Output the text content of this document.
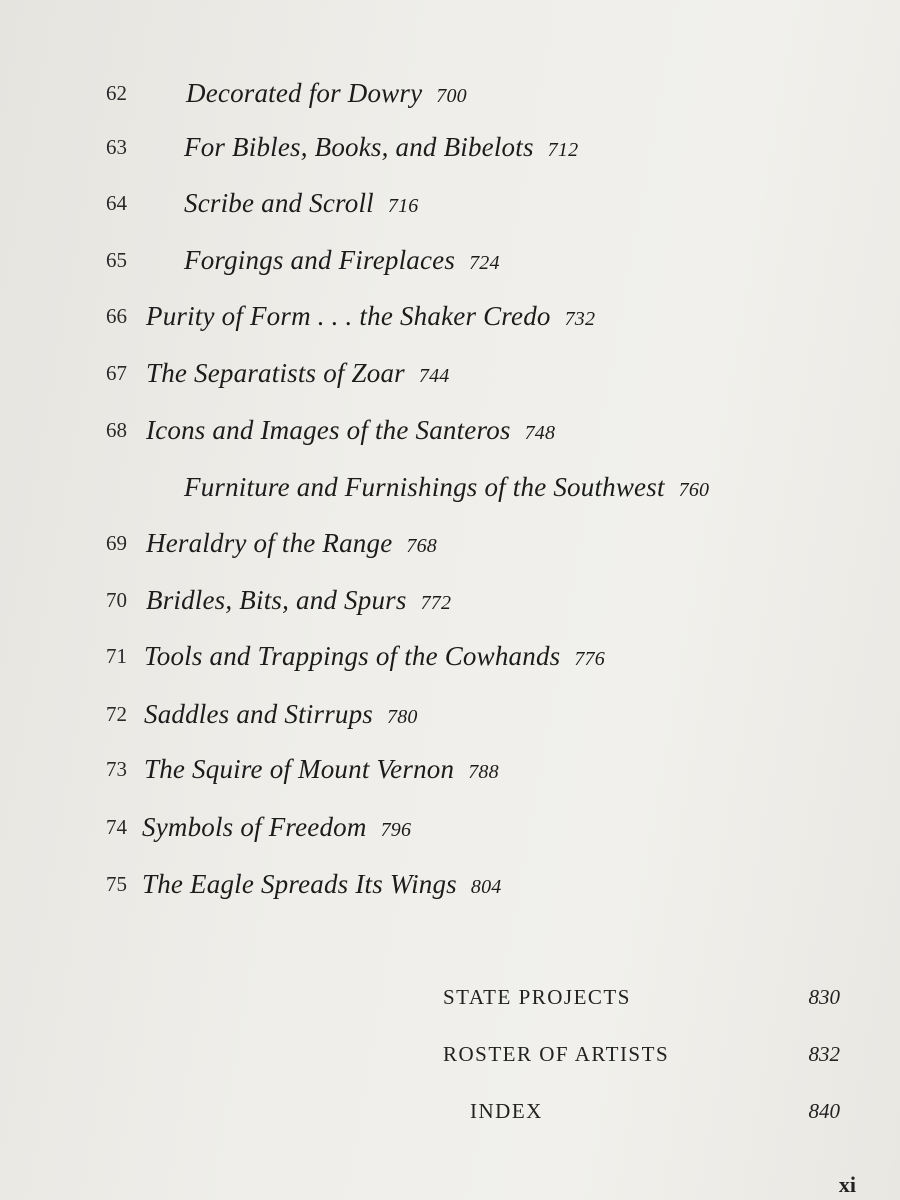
62 Decorated for Dowry 700
63 For Bibles, Books, and Bibelots 712
64 Scribe and Scroll 716
65 Forgings and Fireplaces 724
66 Purity of Form . . . the Shaker Credo 732
67 The Separatists of Zoar 744
68 Icons and Images of the Santeros 748
Furniture and Furnishings of the Southwest 760
69 Heraldry of the Range 768
70 Bridles, Bits, and Spurs 772
71 Tools and Trappings of the Cowhands 776
72 Saddles and Stirrups 780
73 The Squire of Mount Vernon 788
74 Symbols of Freedom 796
75 The Eagle Spreads Its Wings 804
STATE PROJECTS	830
ROSTER OF ARTISTS	832
INDEX	840
xi
